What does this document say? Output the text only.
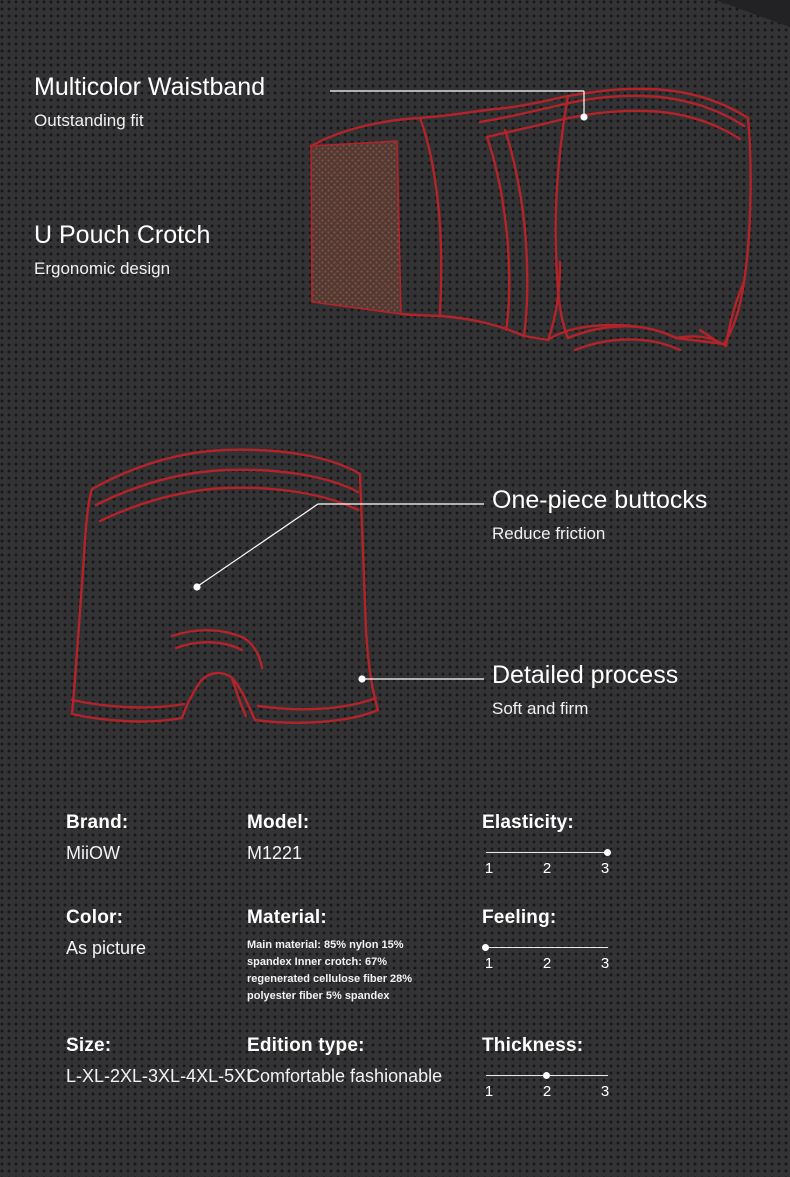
Multicolor Waistband
Outstanding fit
U Pouch Crotch
Ergonomic design
One-piece buttocks
Reduce friction
Detailed process
Soft and firm
Brand:
MiiOW
Model:
M1221
Elasticity:
1	2	3
Color:
As picture
Material:
Main material: 85% nylon 15% spandex Inner crotch: 67% regenerated cellulose fiber 28% polyester fiber 5% spandex
Feeling:
1	2	3
Size:
L-XL-2XL-3XL-4XL-5XL
Edition type:
Comfortable fashionable
Thickness:
1	2	3
